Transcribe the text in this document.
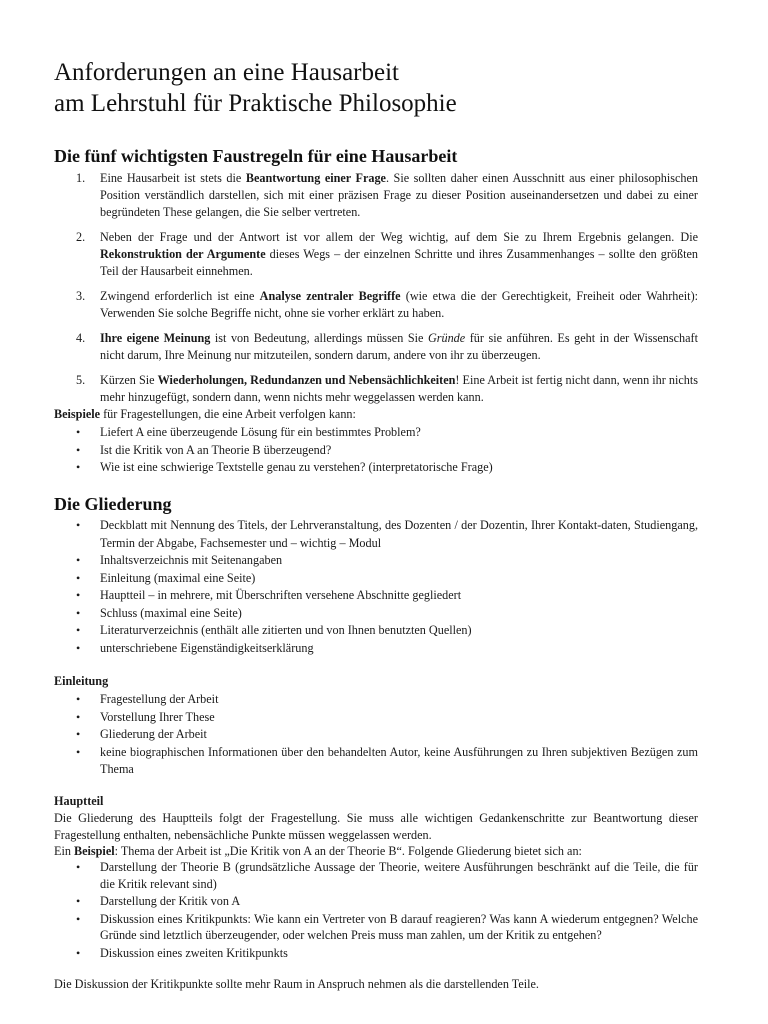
Anforderungen an eine Hausarbeit
am Lehrstuhl für Praktische Philosophie
Die fünf wichtigsten Faustregeln für eine Hausarbeit
1. Eine Hausarbeit ist stets die Beantwortung einer Frage. Sie sollten daher einen Ausschnitt aus einer philosophischen Position verständlich darstellen, sich mit einer präzisen Frage zu dieser Position auseinandersetzen und dabei zu einer begründeten These gelangen, die Sie selber vertreten.
2. Neben der Frage und der Antwort ist vor allem der Weg wichtig, auf dem Sie zu Ihrem Ergebnis gelangen. Die Rekonstruktion der Argumente dieses Wegs – der einzelnen Schritte und ihres Zusammenhanges – sollte den größten Teil der Hausarbeit einnehmen.
3. Zwingend erforderlich ist eine Analyse zentraler Begriffe (wie etwa die der Gerechtigkeit, Freiheit oder Wahrheit): Verwenden Sie solche Begriffe nicht, ohne sie vorher erklärt zu haben.
4. Ihre eigene Meinung ist von Bedeutung, allerdings müssen Sie Gründe für sie anführen. Es geht in der Wissenschaft nicht darum, Ihre Meinung nur mitzuteilen, sondern darum, andere von ihr zu überzeugen.
5. Kürzen Sie Wiederholungen, Redundanzen und Nebensächlichkeiten! Eine Arbeit ist fertig nicht dann, wenn ihr nichts mehr hinzugefügt, sondern dann, wenn nichts mehr weggelassen werden kann.

Beispiele für Fragestellungen, die eine Arbeit verfolgen kann:

• Liefert A eine überzeugende Lösung für ein bestimmtes Problem?
• Ist die Kritik von A an Theorie B überzeugend?
• Wie ist eine schwierige Textstelle genau zu verstehen? (interpretatorische Frage)
Die Gliederung
• Deckblatt mit Nennung des Titels, der Lehrveranstaltung, des Dozenten / der Dozentin, Ihrer Kontakt-daten, Studiengang, Termin der Abgabe, Fachsemester und – wichtig – Modul
• Inhaltsverzeichnis mit Seitenangaben
• Einleitung (maximal eine Seite)
• Hauptteil – in mehrere, mit Überschriften versehene Abschnitte gegliedert
• Schluss (maximal eine Seite)
• Literaturverzeichnis (enthält alle zitierten und von Ihnen benutzten Quellen)
• unterschriebene Eigenständigkeitserklärung
Einleitung
• Fragestellung der Arbeit
• Vorstellung Ihrer These
• Gliederung der Arbeit
• keine biographischen Informationen über den behandelten Autor, keine Ausführungen zu Ihren subjektiven Bezügen zum Thema
Hauptteil

Die Gliederung des Hauptteils folgt der Fragestellung. Sie muss alle wichtigen Gedankenschritte zur Beantwortung dieser Fragestellung enthalten, nebensächliche Punkte müssen weggelassen werden.

Ein Beispiel: Thema der Arbeit ist „Die Kritik von A an der Theorie B“. Folgende Gliederung bietet sich an:

• Darstellung der Theorie B (grundsätzliche Aussage der Theorie, weitere Ausführungen beschränkt auf die Teile, die für die Kritik relevant sind)
• Darstellung der Kritik von A
• Diskussion eines Kritikpunkts: Wie kann ein Vertreter von B darauf reagieren? Was kann A wiederum entgegnen? Welche Gründe sind letztlich überzeugender, oder welchen Preis muss man zahlen, um der Kritik zu entgehen?
• Diskussion eines zweiten Kritikpunkts

Die Diskussion der Kritikpunkte sollte mehr Raum in Anspruch nehmen als die darstellenden Teile.
